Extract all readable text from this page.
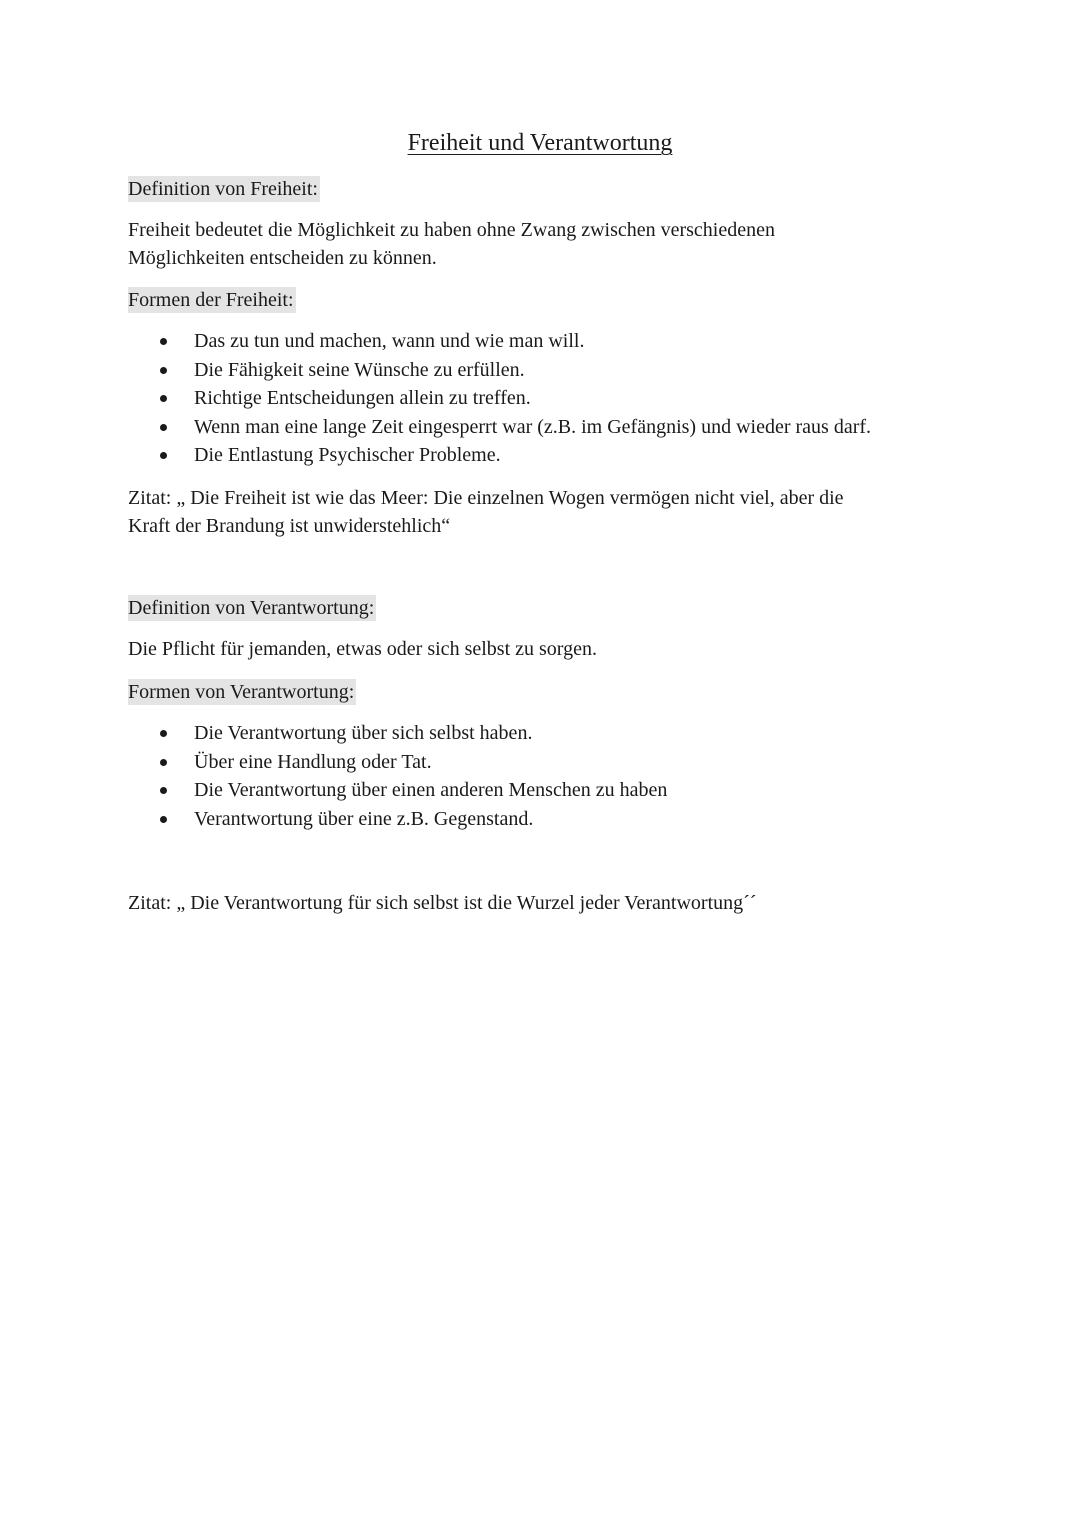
Freiheit und Verantwortung
Definition von Freiheit:
Freiheit bedeutet die Möglichkeit zu haben ohne Zwang zwischen verschiedenen
Möglichkeiten entscheiden zu können.
Formen der Freiheit:
Das zu tun und machen, wann und wie man will.
Die Fähigkeit seine Wünsche zu erfüllen.
Richtige Entscheidungen allein zu treffen.
Wenn man eine lange Zeit eingesperrt war (z.B. im Gefängnis) und wieder raus darf.
Die Entlastung Psychischer Probleme.
Zitat: „ Die Freiheit ist wie das Meer: Die einzelnen Wogen vermögen nicht viel, aber die
Kraft der Brandung ist unwiderstehlich“
Definition von Verantwortung:
Die Pflicht für jemanden, etwas oder sich selbst zu sorgen.
Formen von Verantwortung:
Die Verantwortung über sich selbst haben.
Über eine Handlung oder Tat.
Die Verantwortung über einen anderen Menschen zu haben
Verantwortung über eine z.B. Gegenstand.
Zitat: „ Die Verantwortung für sich selbst ist die Wurzel jeder Verantwortung´´
